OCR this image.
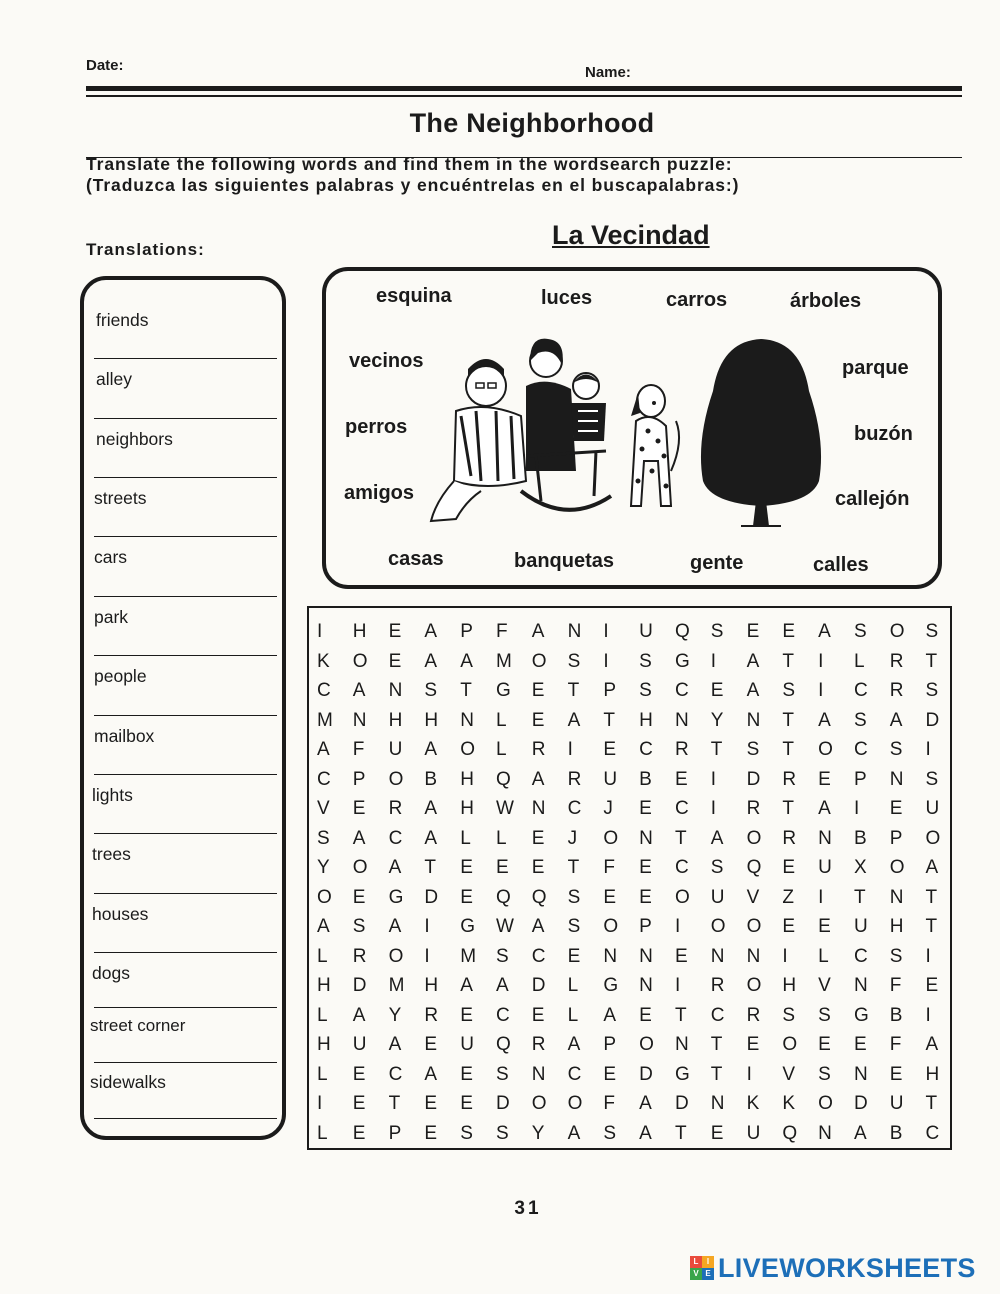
Date:	Name:
The Neighborhood
Translate the following words and find them in the wordsearch puzzle:
(Traduzca las siguientes palabras y encuéntrelas en el buscapalabras:)
Translations:	La Vecindad
friends
alley
neighbors
streets
cars
park
people
mailbox
lights
trees
houses
dogs
street corner
sidewalks
esquina	luces	carros	árboles
vecinos	parque
perros	buzón
amigos	callejón
casas	banquetas	gente	calles
I	H	E	A	P	F	A	N	I	U	Q	S	E	E	A	S	O	S
K	O	E	A	A	M	O	S	I	S	G	I	A	T	I	L	R	T
C	A	N	S	T	G	E	T	P	S	C	E	A	S	I	C	R	S
M	N	H	H	N	L	E	A	T	H	N	Y	N	T	A	S	A	D
A	F	U	A	O	L	R	I	E	C	R	T	S	T	O	C	S	I
C	P	O	B	H	Q	A	R	U	B	E	I	D	R	E	P	N	S
V	E	R	A	H	W N	C	J	E	C	I	R	T	A	I	E	U
S	A	C	A	L	L	E	J	O	N	T	A	O	R	N	B	P	O
Y	O	A	T	E	E	E	T	F	E	C	S	Q	E	U	X	O	A
O	E	G	D	E	Q	Q	S	E	E	O	U	V	Z	I	T	N	T
A	S	A	I	G	W A	S	O	P	I	O	O	E	E	U	H	T
L	R	O	I	M	S	C	E	N	N	E	N	N	I	L	C	S	I
H	D	M	H	A	A	D	L	G	N	I	R	O	H	V	N	F	E
L	A	Y	R	E	C	E	L	A	E	T	C	R	S	S	G	B	I
H	U	A	E	U	Q	R	A	P	O	N	T	E	O	E	E	F	A
L	E	C	A	E	S	N	C	E	D	G	T	I	V	S	N	E	H
I	E	T	E	E	D	O	O	F	A	D	N	K	K	O	D	U	T
L	E	P	E	S	S	Y	A	S	A	T	E	U	Q	N	A	B	C
31
L	I
V E LIVEWORKSHEETS
